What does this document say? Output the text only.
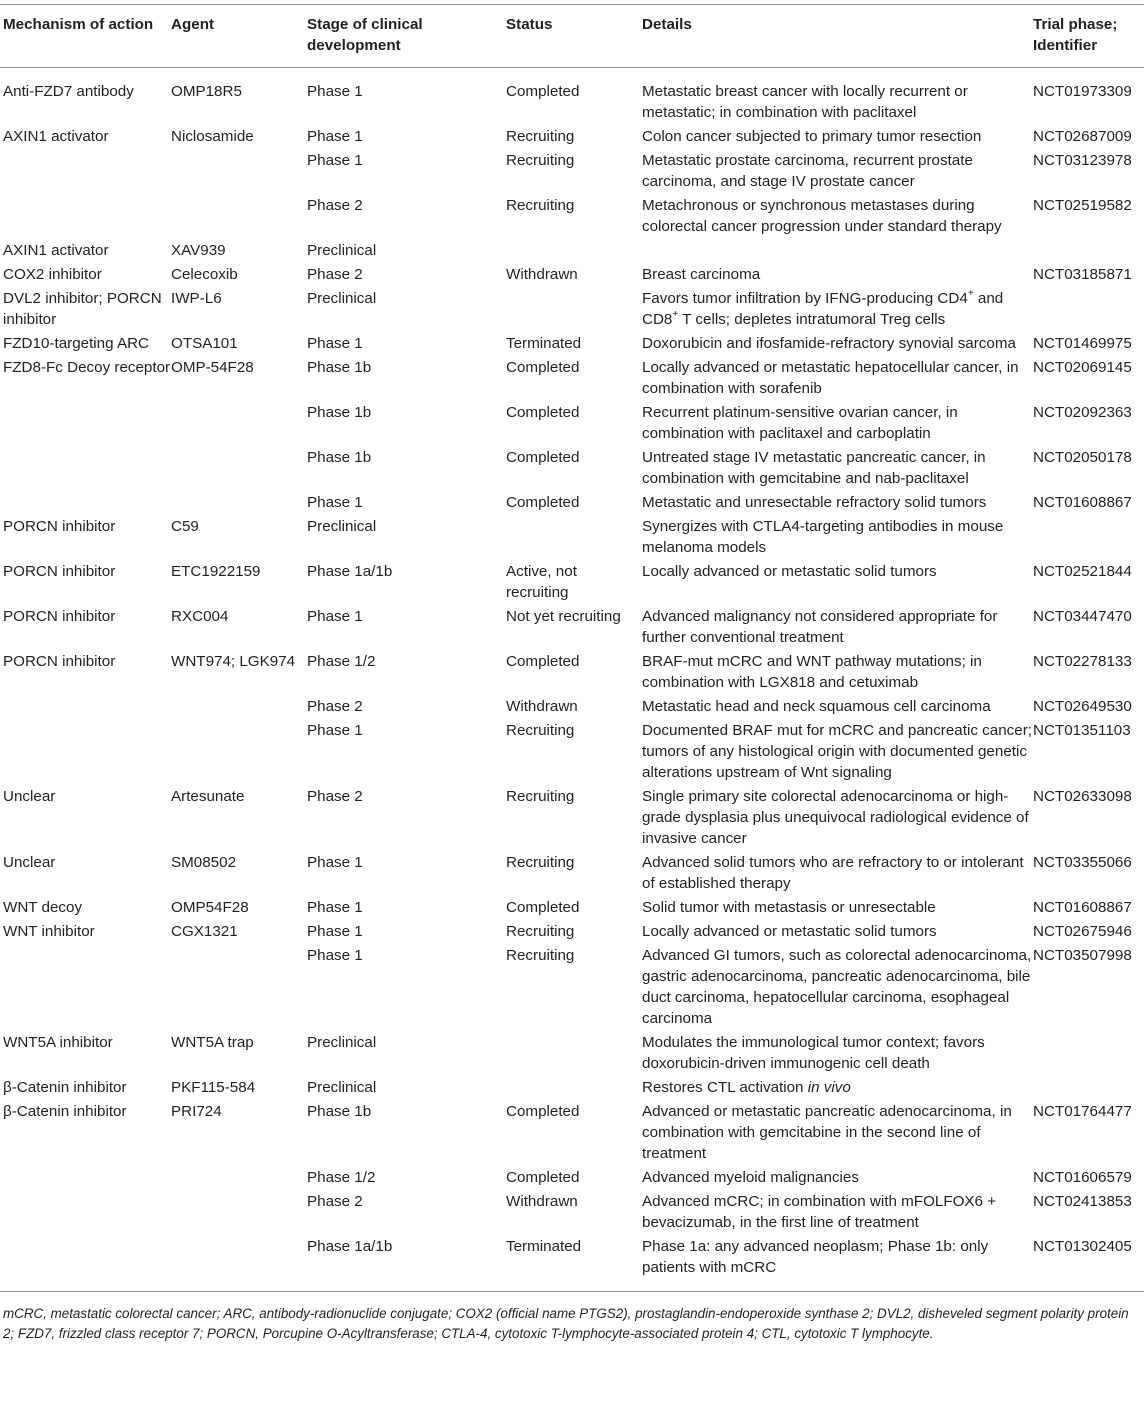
Mechanism of action	Agent	Stage of clinical development	Status	Details	Trial phase; Identifier
Anti-FZD7 antibody	OMP18R5	Phase 1	Completed	Metastatic breast cancer with locally recurrent or metastatic; in combination with paclitaxel	NCT01973309
AXIN1 activator	Niclosamide	Phase 1	Recruiting	Colon cancer subjected to primary tumor resection	NCT02687009
		Phase 1	Recruiting	Metastatic prostate carcinoma, recurrent prostate carcinoma, and stage IV prostate cancer	NCT03123978
		Phase 2	Recruiting	Metachronous or synchronous metastases during colorectal cancer progression under standard therapy	NCT02519582
AXIN1 activator	XAV939	Preclinical			
COX2 inhibitor	Celecoxib	Phase 2	Withdrawn	Breast carcinoma	NCT03185871
DVL2 inhibitor; PORCN inhibitor	IWP-L6	Preclinical		Favors tumor infiltration by IFNG-producing CD4+ and CD8+ T cells; depletes intratumoral Treg cells	
FZD10-targeting ARC	OTSA101	Phase 1	Terminated	Doxorubicin and ifosfamide-refractory synovial sarcoma	NCT01469975
FZD8-Fc Decoy receptor	OMP-54F28	Phase 1b	Completed	Locally advanced or metastatic hepatocellular cancer, in combination with sorafenib	NCT02069145
		Phase 1b	Completed	Recurrent platinum-sensitive ovarian cancer, in combination with paclitaxel and carboplatin	NCT02092363
		Phase 1b	Completed	Untreated stage IV metastatic pancreatic cancer, in combination with gemcitabine and nab-paclitaxel	NCT02050178
		Phase 1	Completed	Metastatic and unresectable refractory solid tumors	NCT01608867
PORCN inhibitor	C59	Preclinical		Synergizes with CTLA4-targeting antibodies in mouse melanoma models	
PORCN inhibitor	ETC1922159	Phase 1a/1b	Active, not recruiting	Locally advanced or metastatic solid tumors	NCT02521844
PORCN inhibitor	RXC004	Phase 1	Not yet recruiting	Advanced malignancy not considered appropriate for further conventional treatment	NCT03447470
PORCN inhibitor	WNT974; LGK974	Phase 1/2	Completed	BRAF-mut mCRC and WNT pathway mutations; in combination with LGX818 and cetuximab	NCT02278133
		Phase 2	Withdrawn	Metastatic head and neck squamous cell carcinoma	NCT02649530
		Phase 1	Recruiting	Documented BRAF mut for mCRC and pancreatic cancer; tumors of any histological origin with documented genetic alterations upstream of Wnt signaling	NCT01351103
Unclear	Artesunate	Phase 2	Recruiting	Single primary site colorectal adenocarcinoma or high-grade dysplasia plus unequivocal radiological evidence of invasive cancer	NCT02633098
Unclear	SM08502	Phase 1	Recruiting	Advanced solid tumors who are refractory to or intolerant of established therapy	NCT03355066
WNT decoy	OMP54F28	Phase 1	Completed	Solid tumor with metastasis or unresectable	NCT01608867
WNT inhibitor	CGX1321	Phase 1	Recruiting	Locally advanced or metastatic solid tumors	NCT02675946
		Phase 1	Recruiting	Advanced GI tumors, such as colorectal adenocarcinoma, gastric adenocarcinoma, pancreatic adenocarcinoma, bile duct carcinoma, hepatocellular carcinoma, esophageal carcinoma	NCT03507998
WNT5A inhibitor	WNT5A trap	Preclinical		Modulates the immunological tumor context; favors doxorubicin-driven immunogenic cell death	
β-Catenin inhibitor	PKF115-584	Preclinical		Restores CTL activation in vivo	
β-Catenin inhibitor	PRI724	Phase 1b	Completed	Advanced or metastatic pancreatic adenocarcinoma, in combination with gemcitabine in the second line of treatment	NCT01764477
		Phase 1/2	Completed	Advanced myeloid malignancies	NCT01606579
		Phase 2	Withdrawn	Advanced mCRC; in combination with mFOLFOX6 + bevacizumab, in the first line of treatment	NCT02413853
		Phase 1a/1b	Terminated	Phase 1a: any advanced neoplasm; Phase 1b: only patients with mCRC	NCT01302405
mCRC, metastatic colorectal cancer; ARC, antibody-radionuclide conjugate; COX2 (official name PTGS2), prostaglandin-endoperoxide synthase 2; DVL2, disheveled segment polarity protein 2; FZD7, frizzled class receptor 7; PORCN, Porcupine O-Acyltransferase; CTLA-4, cytotoxic T-lymphocyte-associated protein 4; CTL, cytotoxic T lymphocyte.
